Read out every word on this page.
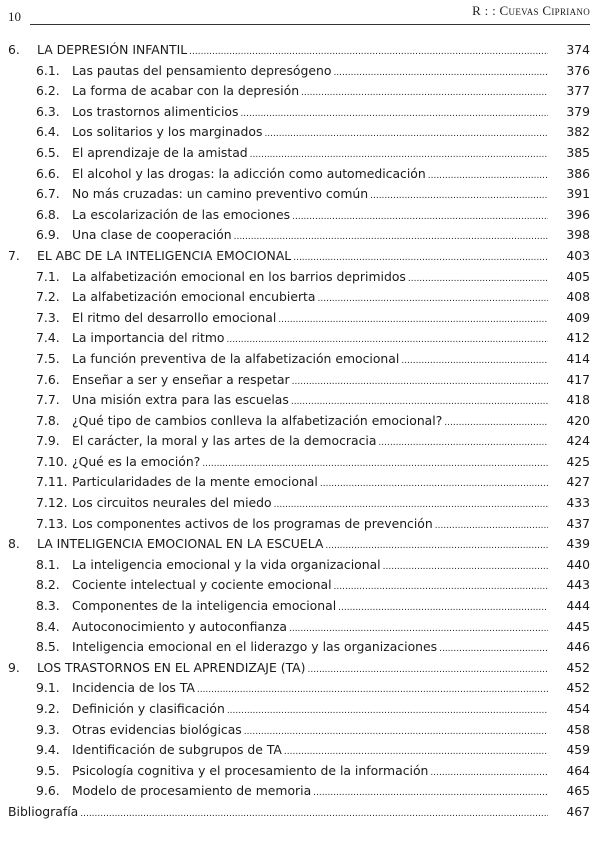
10	R : : Cuevas Cipriano
6. LA DEPRESIÓN INFANTIL .....	374
6.1. Las pautas del pensamiento depresógeno .....	376
6.2. La forma de acabar con la depresión .....	377
6.3. Los trastornos alimenticios .....	379
6.4. Los solitarios y los marginados .....	382
6.5. El aprendizaje de la amistad .....	385
6.6. El alcohol y las drogas: la adicción como automedicación .....	386
6.7. No más cruzadas: un camino preventivo común .....	391
6.8. La escolarización de las emociones .....	396
6.9. Una clase de cooperación .....	398
7. EL ABC DE LA INTELIGENCIA EMOCIONAL .....	403
7.1. La alfabetización emocional en los barrios deprimidos .....	405
7.2. La alfabetización emocional encubierta .....	408
7.3. El ritmo del desarrollo emocional .....	409
7.4. La importancia del ritmo .....	412
7.5. La función preventiva de la alfabetización emocional .....	414
7.6. Enseñar a ser y enseñar a respetar .....	417
7.7. Una misión extra para las escuelas .....	418
7.8. ¿Qué tipo de cambios conlleva la alfabetización emocional? .....	420
7.9. El carácter, la moral y las artes de la democracia .....	424
7.10. ¿Qué es la emoción? .....	425
7.11. Particularidades de la mente emocional .....	427
7.12. Los circuitos neurales del miedo .....	433
7.13. Los componentes activos de los programas de prevención .....	437
8. LA INTELIGENCIA EMOCIONAL EN LA ESCUELA .....	439
8.1. La inteligencia emocional y la vida organizacional .....	440
8.2. Cociente intelectual y cociente emocional .....	443
8.3. Componentes de la inteligencia emocional .....	444
8.4. Autoconocimiento y autoconfianza .....	445
8.5. Inteligencia emocional en el liderazgo y las organizaciones .....	446
9. LOS TRASTORNOS EN EL APRENDIZAJE (TA) .....	452
9.1. Incidencia de los TA .....	452
9.2. Definición y clasificación .....	454
9.3. Otras evidencias biológicas .....	458
9.4. Identificación de subgrupos de TA .....	459
9.5. Psicología cognitiva y el procesamiento de la información .....	464
9.6. Modelo de procesamiento de memoria .....	465
Bibliografía .....	467
